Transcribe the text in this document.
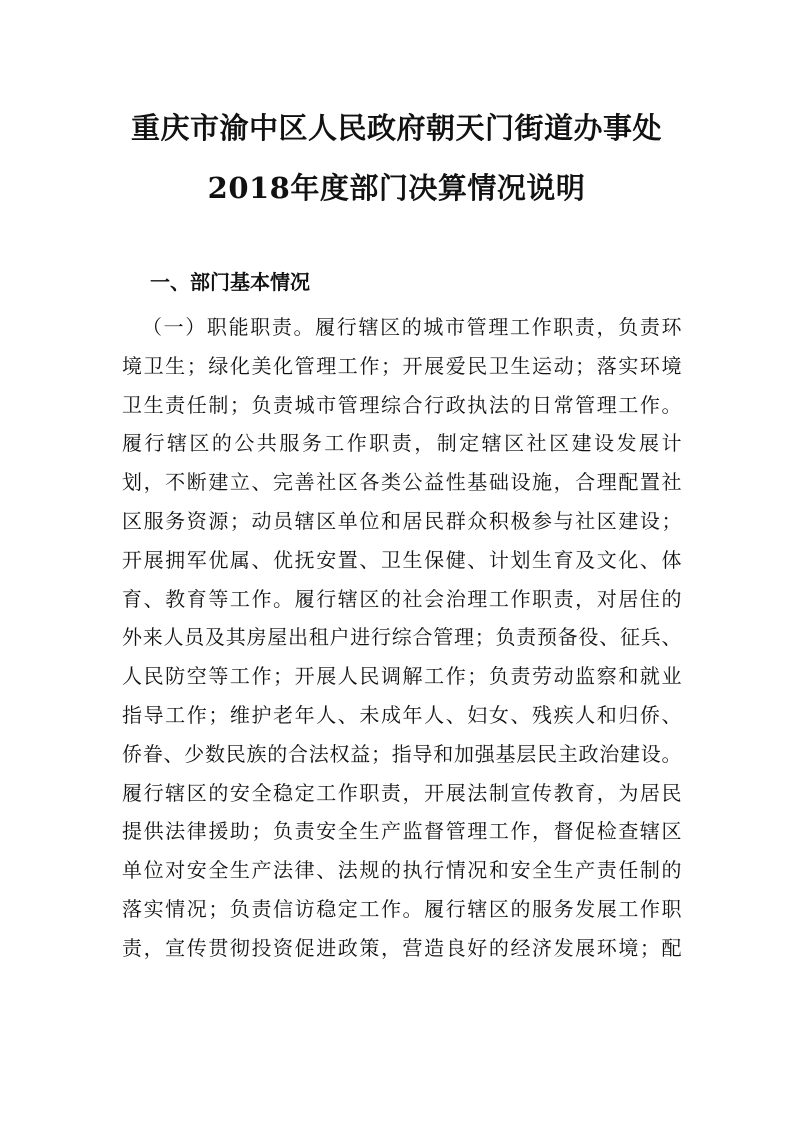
重庆市渝中区人民政府朝天门街道办事处
2018年度部门决算情况说明
一、部门基本情况
（一）职能职责。履行辖区的城市管理工作职责，负责环
境卫生；绿化美化管理工作；开展爱民卫生运动；落实环境
卫生责任制；负责城市管理综合行政执法的日常管理工作。
履行辖区的公共服务工作职责，制定辖区社区建设发展计
划，不断建立、完善社区各类公益性基础设施，合理配置社
区服务资源；动员辖区单位和居民群众积极参与社区建设；
开展拥军优属、优抚安置、卫生保健、计划生育及文化、体
育、教育等工作。履行辖区的社会治理工作职责，对居住的
外来人员及其房屋出租户进行综合管理；负责预备役、征兵、
人民防空等工作；开展人民调解工作；负责劳动监察和就业
指导工作；维护老年人、未成年人、妇女、残疾人和归侨、
侨眷、少数民族的合法权益；指导和加强基层民主政治建设。
履行辖区的安全稳定工作职责，开展法制宣传教育，为居民
提供法律援助；负责安全生产监督管理工作，督促检查辖区
单位对安全生产法律、法规的执行情况和安全生产责任制的
落实情况；负责信访稳定工作。履行辖区的服务发展工作职
责，宣传贯彻投资促进政策，营造良好的经济发展环境；配
